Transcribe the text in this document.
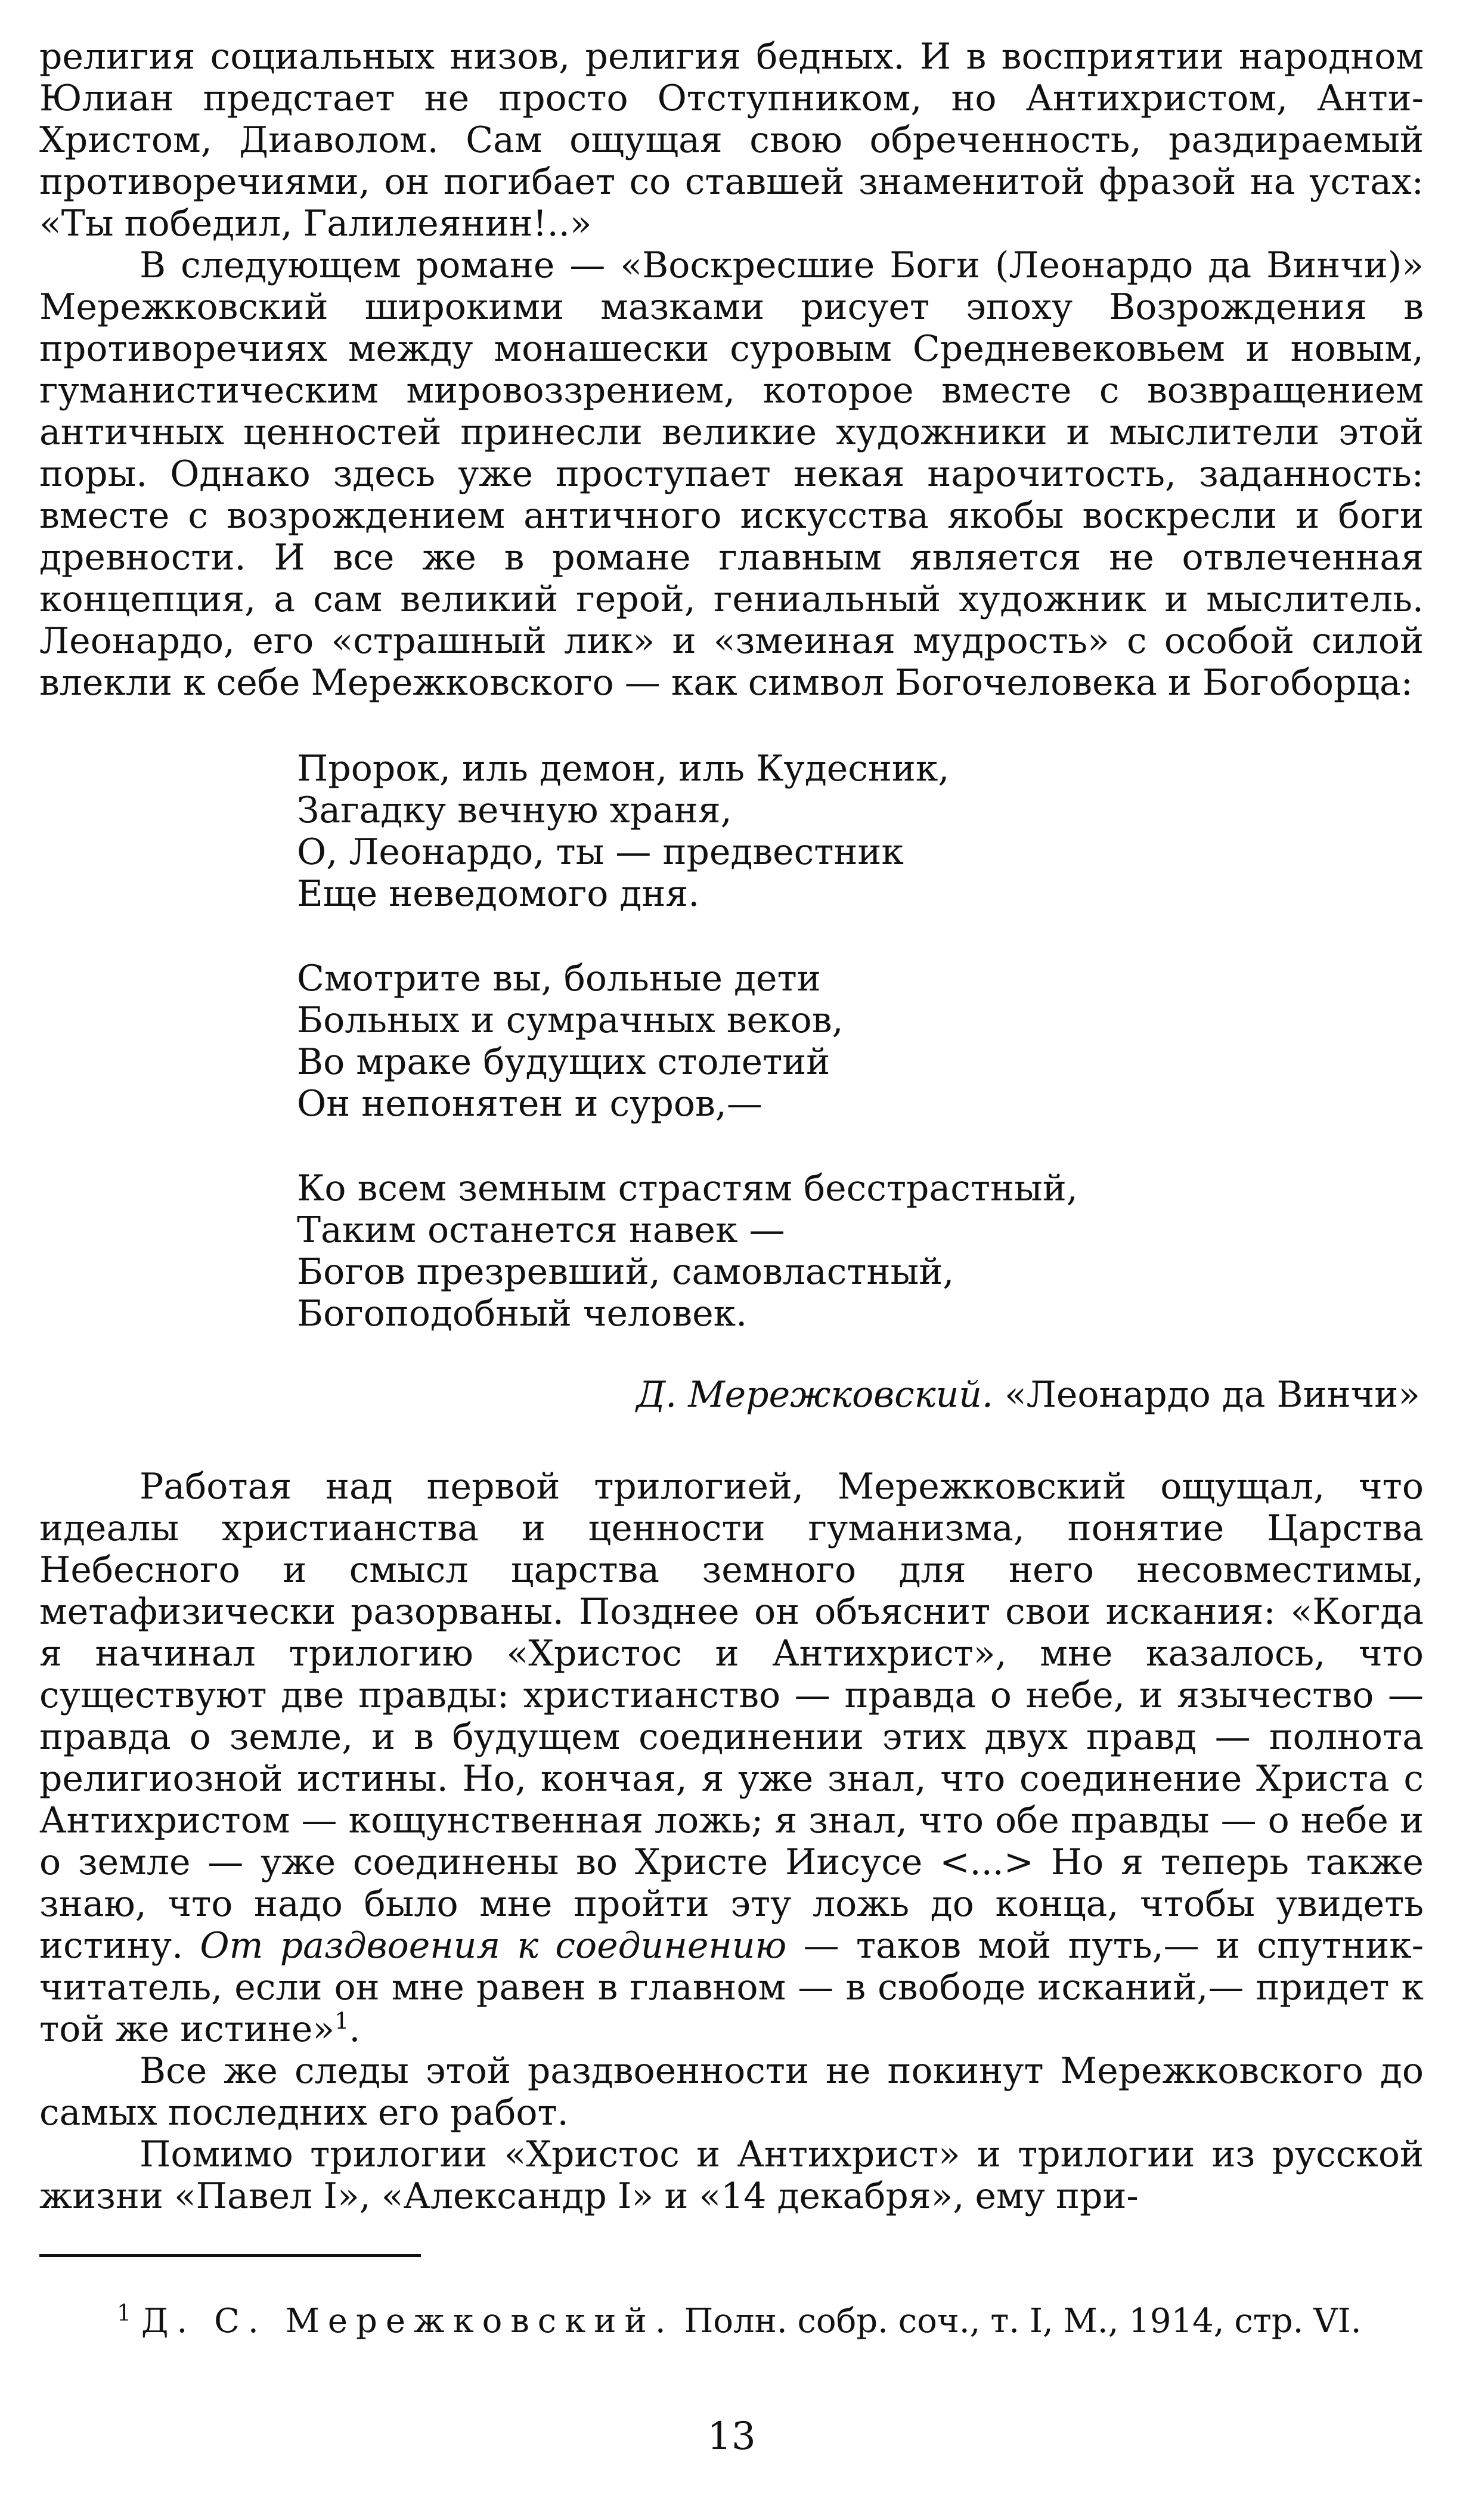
религия социальных низов, религия бедных. И в восприятии народном Юлиан предстает не просто Отступником, но Антихристом, Анти-Христом, Диаволом. Сам ощущая свою обреченность, раздираемый противоречиями, он погибает со ставшей знаменитой фразой на устах: «Ты победил, Галилеянин!..»

В следующем романе — «Воскресшие Боги (Леонардо да Винчи)» Мережковский широкими мазками рисует эпоху Возрождения в противоречиях между монашески суровым Средневековьем и новым, гуманистическим мировоззрением, которое вместе с возвращением античных ценностей принесли великие художники и мыслители этой поры. Однако здесь уже проступает некая нарочитость, заданность: вместе с возрождением античного искусства якобы воскресли и боги древности. И все же в романе главным является не отвлеченная концепция, а сам великий герой, гениальный художник и мыслитель. Леонардо, его «страшный лик» и «змеиная мудрость» с особой силой влекли к себе Мережковского — как символ Богочеловека и Богоборца:

Пророк, иль демон, иль Кудесник,
Загадку вечную храня,
О, Леонардо, ты — предвестник
Еще неведомого дня.
Смотрите вы, больные дети
Больных и сумрачных веков,
Во мраке будущих столетий
Он непонятен и суров,—
Ко всем земным страстям бесстрастный,
Таким останется навек —
Богов презревший, самовластный,
Богоподобный человек.
Д. Мережковский. «Леонардо да Винчи»

Работая над первой трилогией, Мережковский ощущал, что идеалы христианства и ценности гуманизма, понятие Царства Небесного и смысл царства земного для него несовместимы, метафизически разорваны. Позднее он объяснит свои искания: «Когда я начинал трилогию «Христос и Антихрист», мне казалось, что существуют две правды: христианство — правда о небе, и язычество — правда о земле, и в будущем соединении этих двух правд — полнота религиозной истины. Но, кончая, я уже знал, что соединение Христа с Антихристом — кощунственная ложь; я знал, что обе правды — о небе и о земле — уже соединены во Христе Иисусе <...> Но я теперь также знаю, что надо было мне пройти эту ложь до конца, чтобы увидеть истину. От раздвоения к соединению — таков мой путь,— и спутник-читатель, если он мне равен в главном — в свободе исканий,— придет к той же истине»$^1$.

Все же следы этой раздвоенности не покинут Мережковского до самых последних его работ.

Помимо трилогии «Христос и Антихрист» и трилогии из русской жизни «Павел I», «Александр I» и «14 декабря», ему при-

$^1$ Д. С. Мережковский. Полн. собр. соч., т. I, М., 1914, стр. VI.

13
